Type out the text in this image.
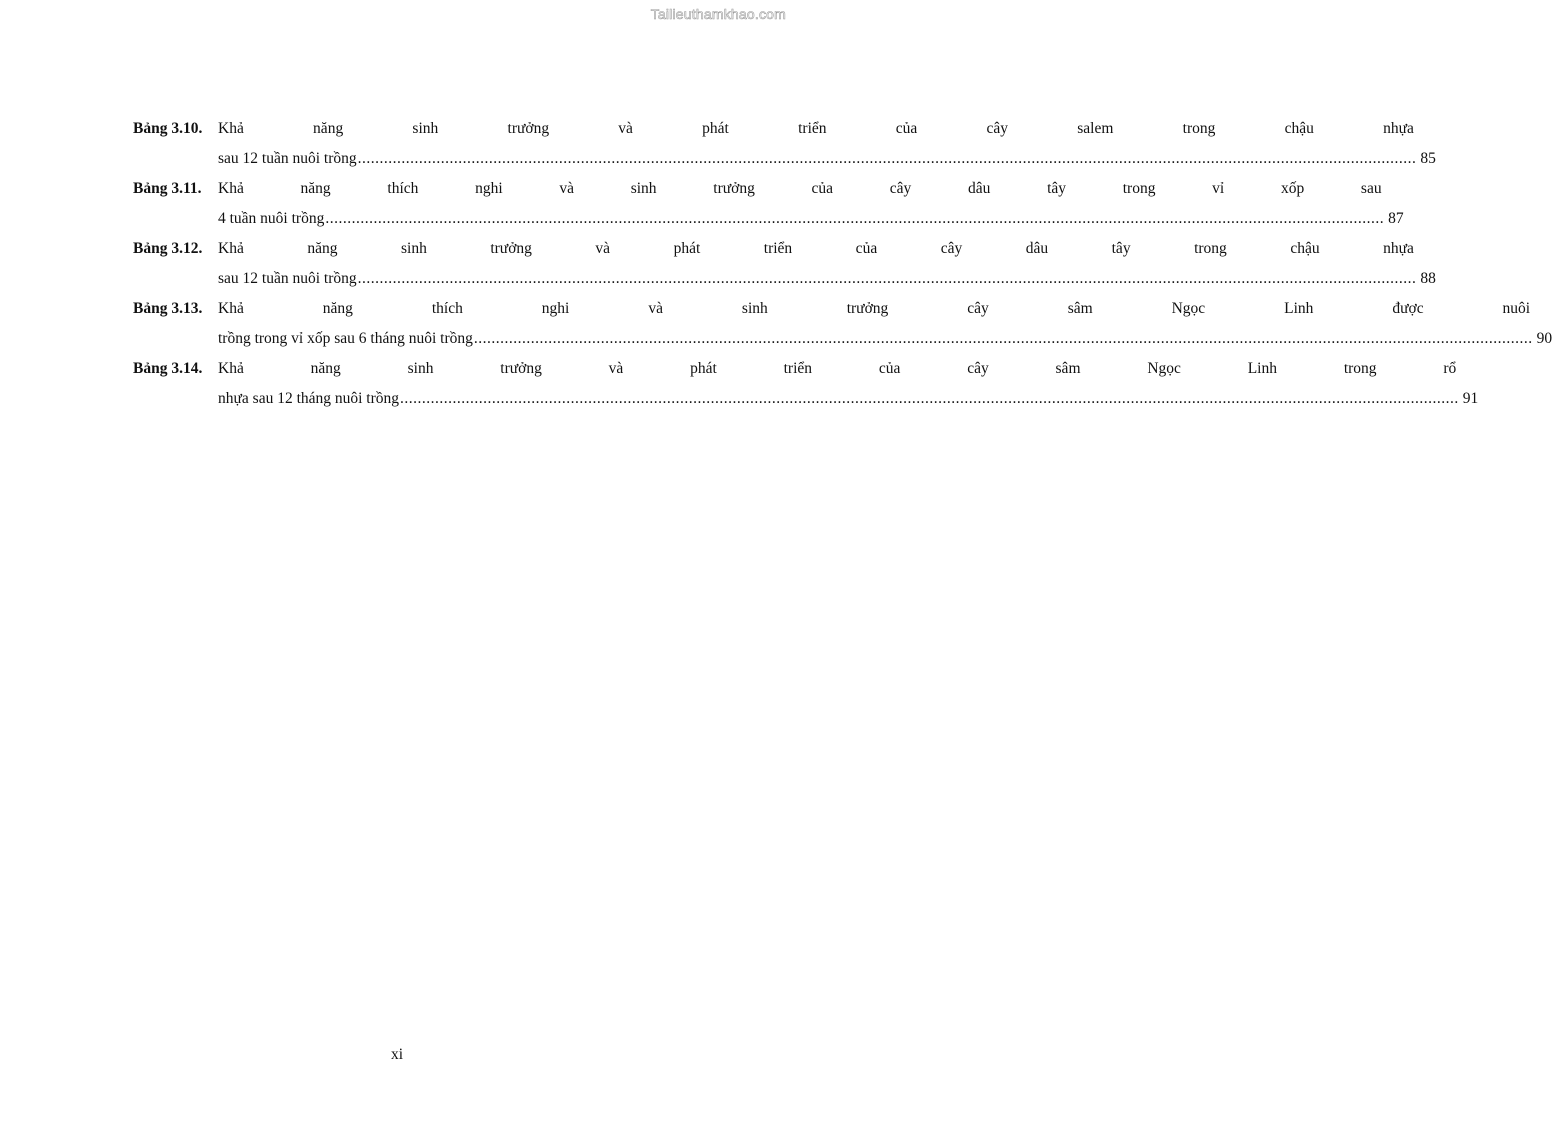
Tailieuthamkhao.com
Bảng 3.10.	Khả năng sinh trưởng và phát triển của cây salem trong chậu nhựa
sau 12 tuần nuôi trồng .....	85
Bảng 3.11.	Khả năng thích nghi và sinh trưởng của cây dâu tây trong vỉ xốp sau
4 tuần nuôi trồng .....	87
Bảng 3.12.	Khả năng sinh trưởng và phát triển của cây dâu tây trong chậu nhựa
sau 12 tuần nuôi trồng .....	88
Bảng 3.13.	Khả năng thích nghi và sinh trưởng cây sâm Ngọc Linh được nuôi
trồng trong vỉ xốp sau 6 tháng nuôi trồng .....	90
Bảng 3.14.	Khả năng sinh trưởng và phát triển của cây sâm Ngọc Linh trong rổ
nhựa sau 12 tháng nuôi trồng .....	91
xi
